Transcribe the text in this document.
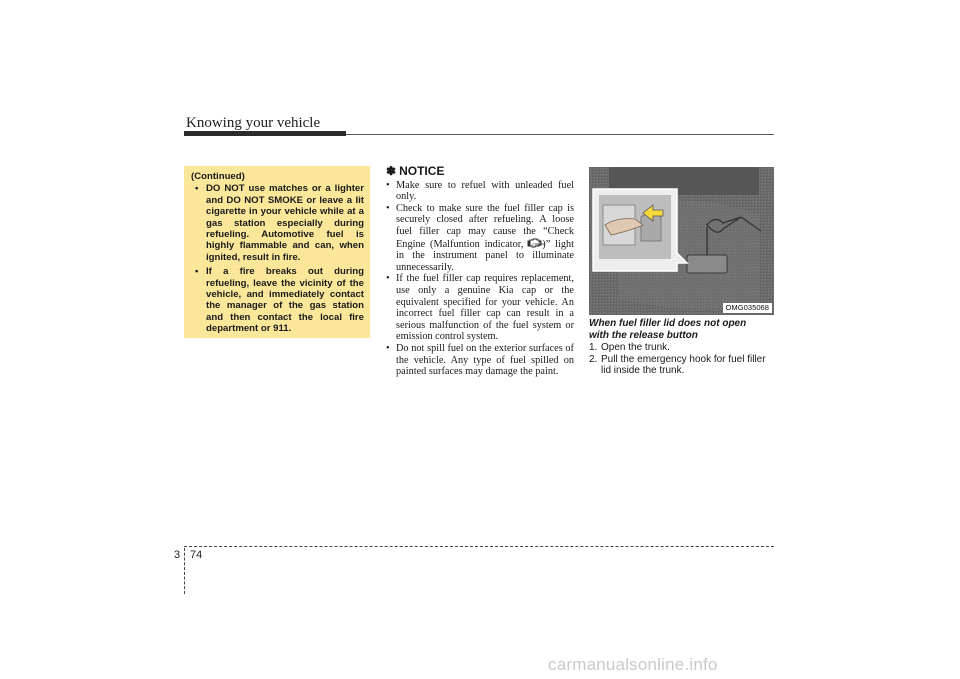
Knowing your vehicle
(Continued)
• DO NOT use matches or a lighter and DO NOT SMOKE or leave a lit cigarette in your vehicle while at a gas station especially during refueling. Automotive fuel is highly flammable and can, when ignited, result in fire.
• If a fire breaks out during refueling, leave the vicinity of the vehicle, and immediately contact the manager of the gas station and then contact the local fire department or 911.
✽ NOTICE
• Make sure to refuel with unleaded fuel only.
• Check to make sure the fuel filler cap is securely closed after refueling. A loose fuel filler cap may cause the “Check Engine (Malfuntion indicator,	CHECK
)” light in the instrument panel to illuminate unnecessarily.
• If the fuel filler cap requires replacement, use only a genuine Kia cap or the equivalent specified for your vehicle. An incorrect fuel filler cap can result in a serious malfunction of the fuel system or emission control system.
• Do not spill fuel on the exterior surfaces of the vehicle. Any type of fuel spilled on painted surfaces may damage the paint.
OMG035068
When fuel filler lid does not open
with the release button
1. Open the trunk.
2. Pull the emergency hook for fuel filler lid inside the trunk.
3 74
carmanualsonline.info
